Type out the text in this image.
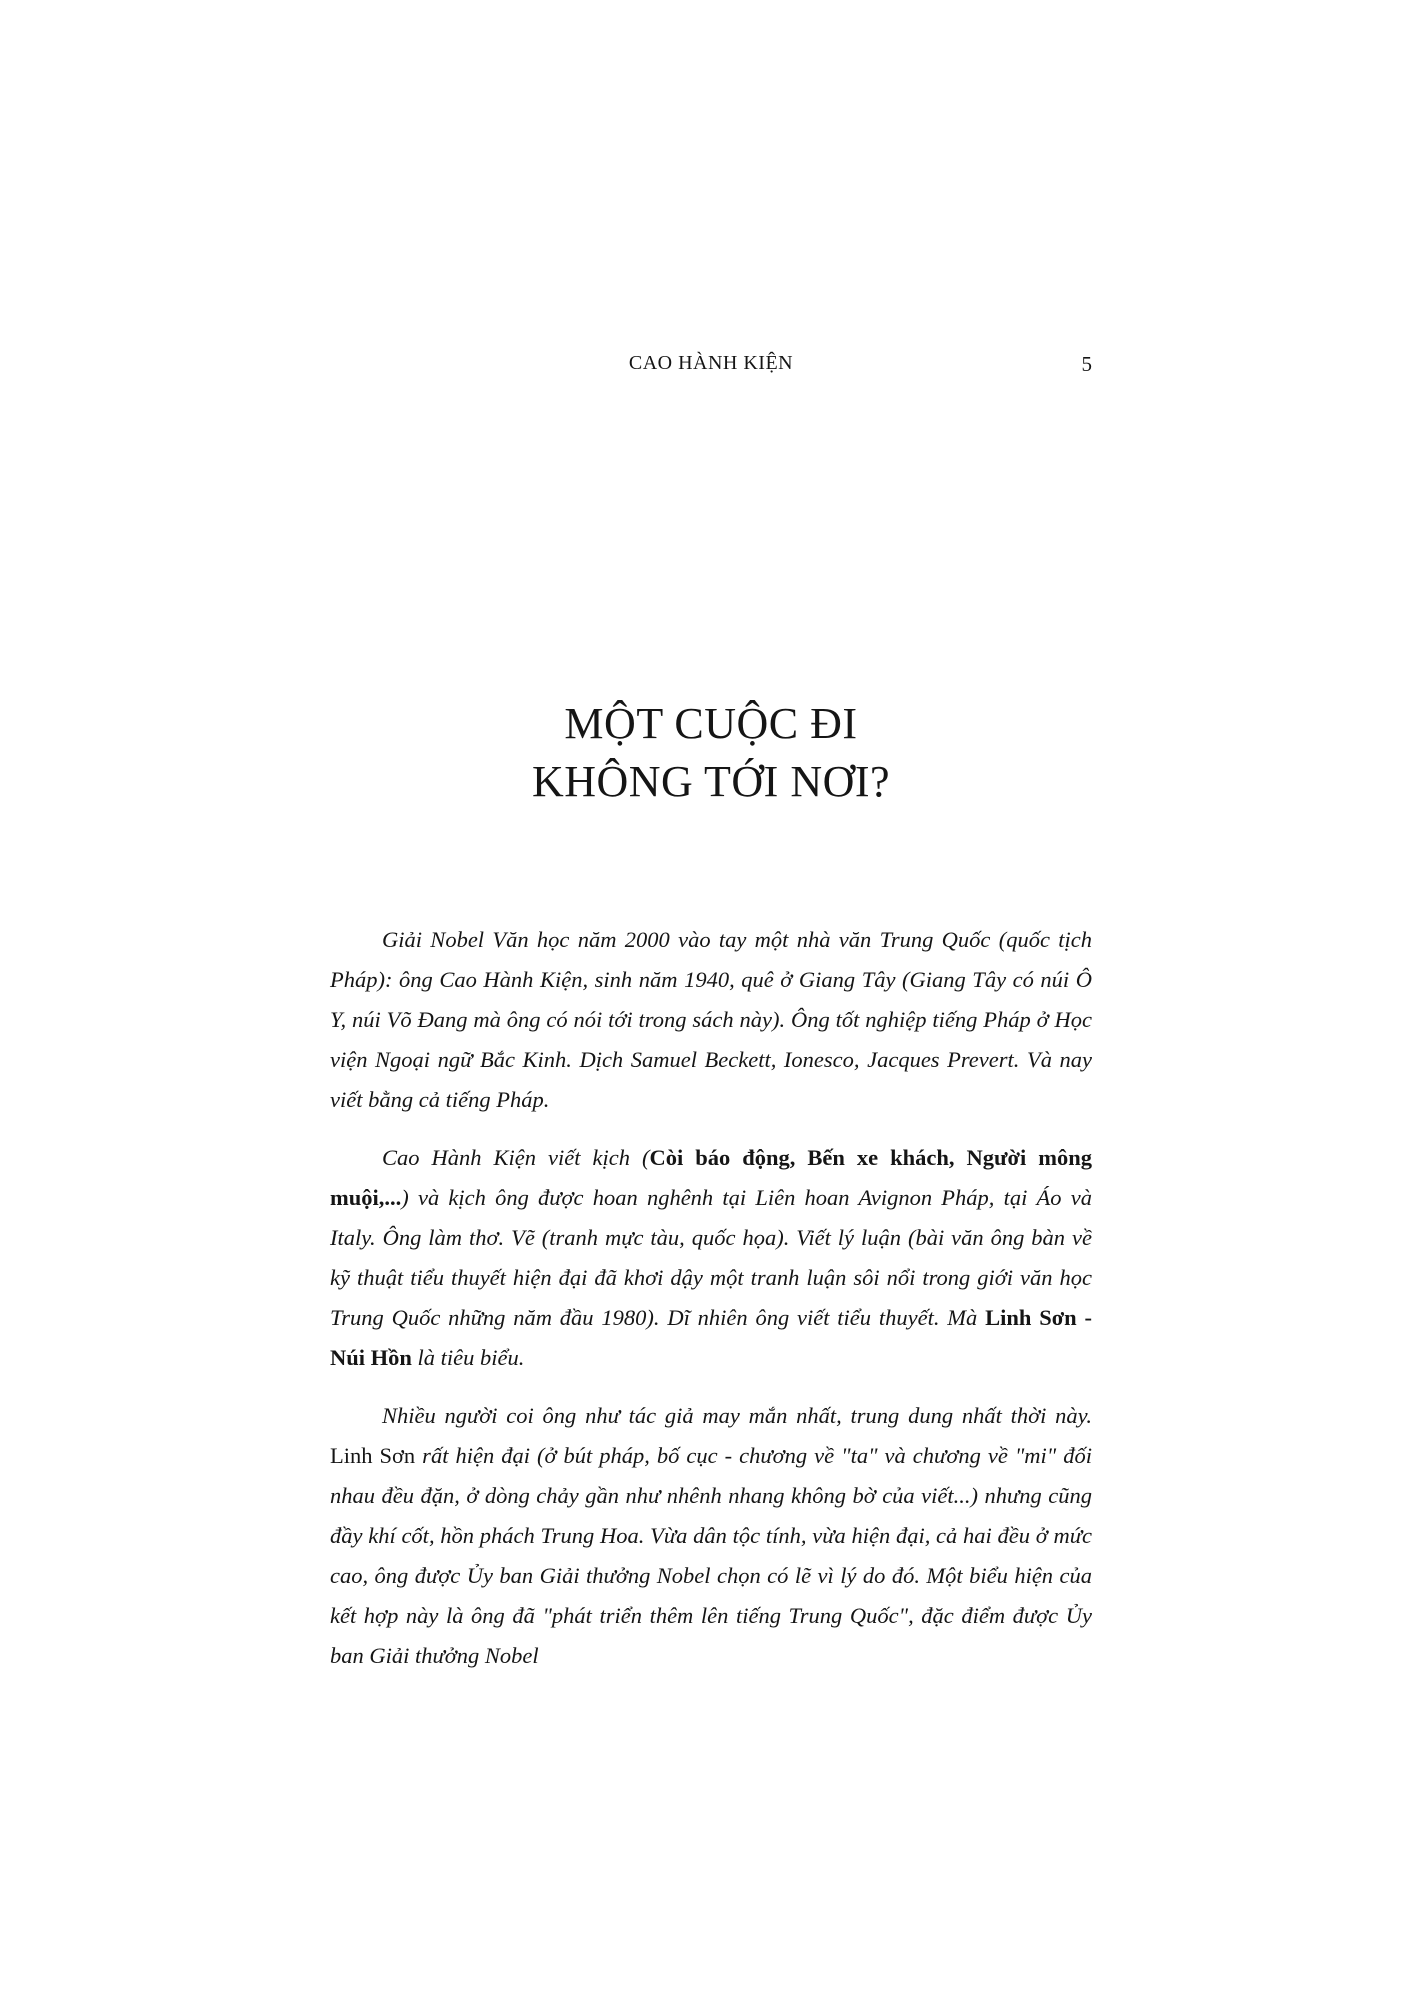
CAO HÀNH KIỆN	5
MỘT CUỘC ĐI
KHÔNG TỚI NƠI?

Giải Nobel Văn học năm 2000 vào tay một nhà văn Trung Quốc (quốc tịch Pháp): ông Cao Hành Kiện, sinh năm 1940, quê ở Giang Tây (Giang Tây có núi Ô Y, núi Võ Đang mà ông có nói tới trong sách này). Ông tốt nghiệp tiếng Pháp ở Học viện Ngoại ngữ Bắc Kinh. Dịch Samuel Beckett, Ionesco, Jacques Prevert. Và nay viết bằng cả tiếng Pháp.

Cao Hành Kiện viết kịch (Còi báo động, Bến xe khách, Người mông muội,...) và kịch ông được hoan nghênh tại Liên hoan Avignon Pháp, tại Áo và Italy. Ông làm thơ. Vẽ (tranh mực tàu, quốc họa). Viết lý luận (bài văn ông bàn về kỹ thuật tiểu thuyết hiện đại đã khơi dậy một tranh luận sôi nổi trong giới văn học Trung Quốc những năm đầu 1980). Dĩ nhiên ông viết tiểu thuyết. Mà Linh Sơn - Núi Hồn là tiêu biểu.

Nhiều người coi ông như tác giả may mắn nhất, trung dung nhất thời này. Linh Sơn rất hiện đại (ở bút pháp, bố cục - chương về "ta" và chương về "mi" đối nhau đều đặn, ở dòng chảy gần như nhênh nhang không bờ của viết...) nhưng cũng đầy khí cốt, hồn phách Trung Hoa. Vừa dân tộc tính, vừa hiện đại, cả hai đều ở mức cao, ông được Ủy ban Giải thưởng Nobel chọn có lẽ vì lý do đó. Một biểu hiện của kết hợp này là ông đã "phát triển thêm lên tiếng Trung Quốc", đặc điểm được Ủy ban Giải thưởng Nobel
